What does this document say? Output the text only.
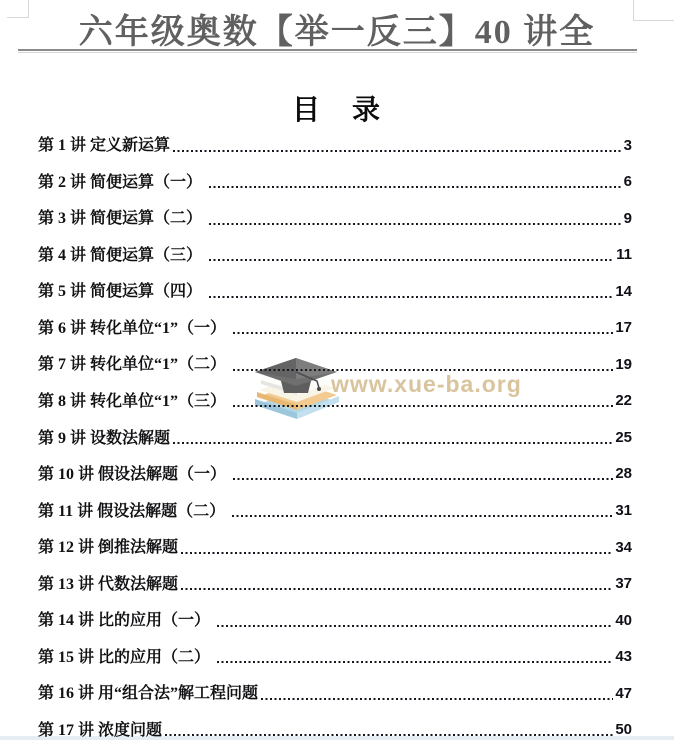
六年级奥数【举一反三】40 讲全
目　录
www.xue-ba.org
第 1 讲 定义新运算	3
第 2 讲 简便运算（一）	6
第 3 讲 简便运算（二）	9
第 4 讲 简便运算（三）	11
第 5 讲 简便运算（四）	14
第 6 讲 转化单位“1”（一）	17
第 7 讲 转化单位“1”（二）	19
第 8 讲 转化单位“1”（三）	22
第 9 讲 设数法解题	25
第 10 讲 假设法解题（一）	28
第 11 讲 假设法解题（二）	31
第 12 讲 倒推法解题	34
第 13 讲 代数法解题	37
第 14 讲 比的应用（一）	40
第 15 讲 比的应用（二）	43
第 16 讲 用“组合法”解工程问题	47
第 17 讲 浓度问题	50
